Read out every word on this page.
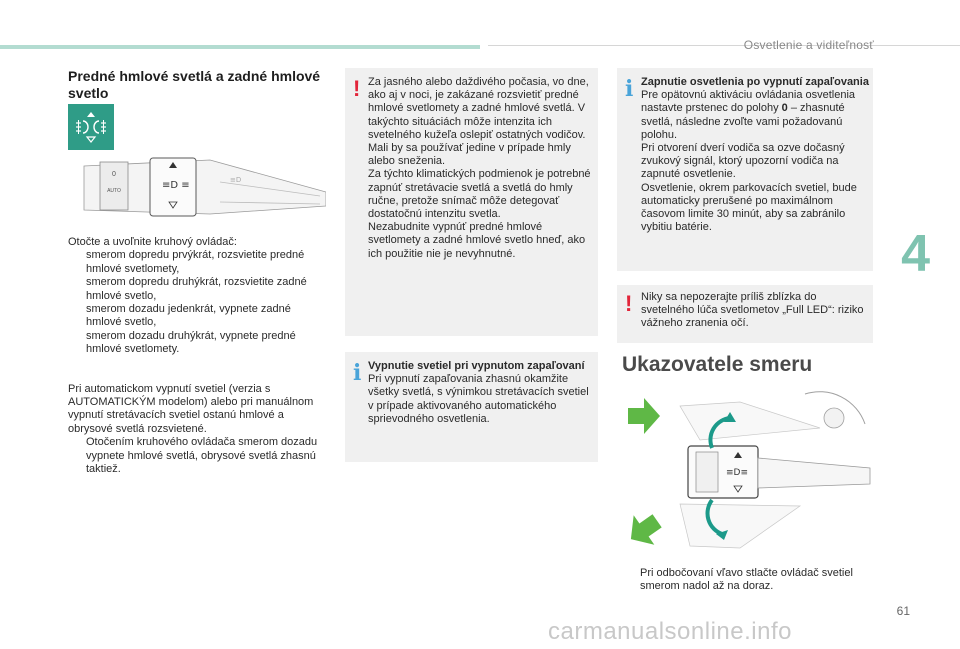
Osvetlenie a viditeľnosť
4
61
Predné hmlové svetlá a zadné hmlové svetlo
≡D ≡
AUTO
0
≡D

Otočte a uvoľnite kruhový ovládač:

smerom dopredu prvýkrát, rozsvietite predné hmlové svetlomety,
smerom dopredu druhýkrát, rozsvietite zadné hmlové svetlo,
smerom dozadu jedenkrát, vypnete zadné hmlové svetlo,
smerom dozadu druhýkrát, vypnete predné hmlové svetlomety.

Pri automatickom vypnutí svetiel (verzia s AUTOMATICKÝM modelom) alebo pri manuálnom vypnutí stretávacích svetiel ostanú hmlové a obrysové svetlá rozsvietené.

Otočením kruhového ovládača smerom dozadu vypnete hmlové svetlá, obrysové svetlá zhasnú taktiež.
! Za jasného alebo daždivého počasia, vo dne, ako aj v noci, je zakázané rozsvietiť predné hmlové svetlomety a zadné hmlové svetlá. V takýchto situáciách môže intenzita ich svetelného kužeľa oslepiť ostatných vodičov. Mali by sa používať jedine v prípade hmly alebo sneženia.

Za týchto klimatických podmienok je potrebné zapnúť stretávacie svetlá a svetlá do hmly ručne, pretože snímač môže detegovať dostatočnú intenzitu svetla.

Nezabudnite vypnúť predné hmlové svetlomety a zadné hmlové svetlo hneď, ako ich použitie nie je nevyhnutné.

i Vypnutie svetiel pri vypnutom zapaľovaní

Pri vypnutí zapaľovania zhasnú okamžite všetky svetlá, s výnimkou stretávacích svetiel v prípade aktivovaného automatického sprievodného osvetlenia.

i Zapnutie osvetlenia po vypnutí zapaľovania

Pre opätovnú aktiváciu ovládania osvetlenia nastavte prstenec do polohy 0 – zhasnuté svetlá, následne zvoľte vami požadovanú polohu.

Pri otvorení dverí vodiča sa ozve dočasný zvukový signál, ktorý upozorní vodiča na zapnuté osvetlenie.

Osvetlenie, okrem parkovacích svetiel, bude automaticky prerušené po maximálnom časovom limite 30 minút, aby sa zabránilo vybitiu batérie.

! Niky sa nepozerajte príliš zblízka do svetelného lúča svetlometov „Full LED“: riziko vážneho zranenia očí.

Ukazovatele smeru
≡D≡
Pri odbočovaní vľavo stlačte ovládač svetiel smerom nadol až na doraz.
carmanualsonline.info
